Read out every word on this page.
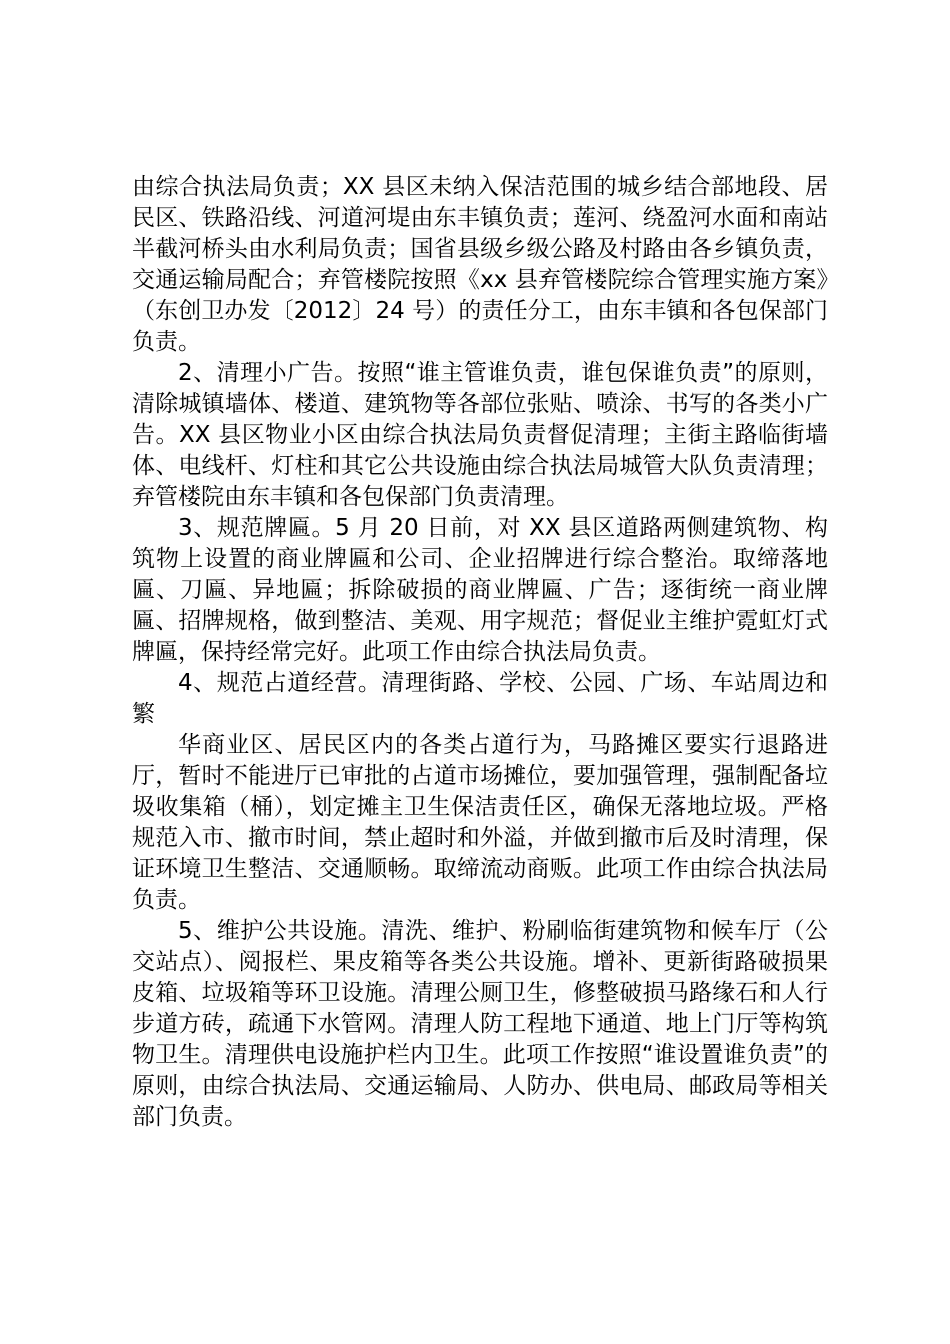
由综合执法局负责；XX 县区未纳入保洁范围的城乡结合部地段、居民区、铁路沿线、河道河堤由东丰镇负责；莲河、绕盈河水面和南站半截河桥头由水利局负责；国省县级乡级公路及村路由各乡镇负责，交通运输局配合；弃管楼院按照《xx 县弃管楼院综合管理实施方案》（东创卫办发〔2012〕24 号）的责任分工，由东丰镇和各包保部门负责。

2、清理小广告。按照“谁主管谁负责，谁包保谁负责”的原则，清除城镇墙体、楼道、建筑物等各部位张贴、喷涂、书写的各类小广告。XX 县区物业小区由综合执法局负责督促清理；主街主路临街墙体、电线杆、灯柱和其它公共设施由综合执法局城管大队负责清理；弃管楼院由东丰镇和各包保部门负责清理。

3、规范牌匾。5 月 20 日前，对 XX 县区道路两侧建筑物、构筑物上设置的商业牌匾和公司、企业招牌进行综合整治。取缔落地匾、刀匾、异地匾；拆除破损的商业牌匾、广告；逐街统一商业牌匾、招牌规格，做到整洁、美观、用字规范；督促业主维护霓虹灯式牌匾，保持经常完好。此项工作由综合执法局负责。

4、规范占道经营。清理街路、学校、公园、广场、车站周边和繁

华商业区、居民区内的各类占道行为，马路摊区要实行退路进厅，暂时不能进厅已审批的占道市场摊位，要加强管理，强制配备垃圾收集箱（桶），划定摊主卫生保洁责任区，确保无落地垃圾。严格规范入市、撤市时间，禁止超时和外溢，并做到撤市后及时清理，保证环境卫生整洁、交通顺畅。取缔流动商贩。此项工作由综合执法局负责。

5、维护公共设施。清洗、维护、粉刷临街建筑物和候车厅（公交站点）、阅报栏、果皮箱等各类公共设施。增补、更新街路破损果皮箱、垃圾箱等环卫设施。清理公厕卫生，修整破损马路缘石和人行步道方砖，疏通下水管网。清理人防工程地下通道、地上门厅等构筑物卫生。清理供电设施护栏内卫生。此项工作按照“谁设置谁负责”的原则，由综合执法局、交通运输局、人防办、供电局、邮政局等相关部门负责。
